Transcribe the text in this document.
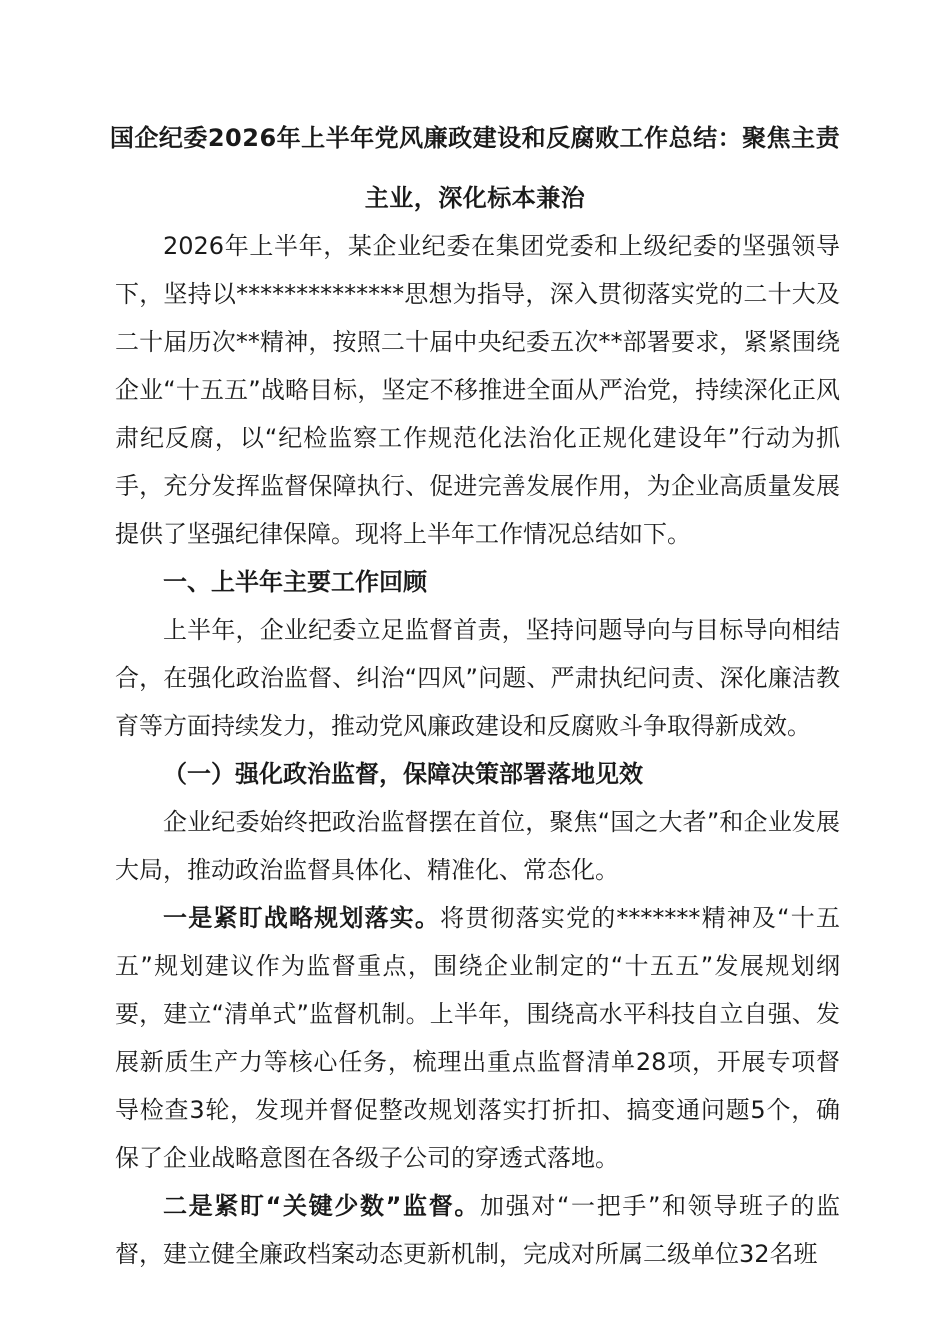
国企纪委2026年上半年党风廉政建设和反腐败工作总结：聚焦主责主业，深化标本兼治

2026年上半年，某企业纪委在集团党委和上级纪委的坚强领导下，坚持以**************思想为指导，深入贯彻落实党的二十大及二十届历次**精神，按照二十届中央纪委五次**部署要求，紧紧围绕企业“十五五”战略目标，坚定不移推进全面从严治党，持续深化正风肃纪反腐，以“纪检监察工作规范化法治化正规化建设年”行动为抓手，充分发挥监督保障执行、促进完善发展作用，为企业高质量发展提供了坚强纪律保障。现将上半年工作情况总结如下。

一、上半年主要工作回顾

上半年，企业纪委立足监督首责，坚持问题导向与目标导向相结合，在强化政治监督、纠治“四风”问题、严肃执纪问责、深化廉洁教育等方面持续发力，推动党风廉政建设和反腐败斗争取得新成效。

（一）强化政治监督，保障决策部署落地见效

企业纪委始终把政治监督摆在首位，聚焦“国之大者”和企业发展大局，推动政治监督具体化、精准化、常态化。

一是紧盯战略规划落实。将贯彻落实党的*******精神及“十五五”规划建议作为监督重点，围绕企业制定的“十五五”发展规划纲要，建立“清单式”监督机制。上半年，围绕高水平科技自立自强、发展新质生产力等核心任务，梳理出重点监督清单28项，开展专项督导检查3轮，发现并督促整改规划落实打折扣、搞变通问题5个，确保了企业战略意图在各级子公司的穿透式落地。

二是紧盯“关键少数”监督。加强对“一把手”和领导班子的监督，建立健全廉政档案动态更新机制，完成对所属二级单位32名班
